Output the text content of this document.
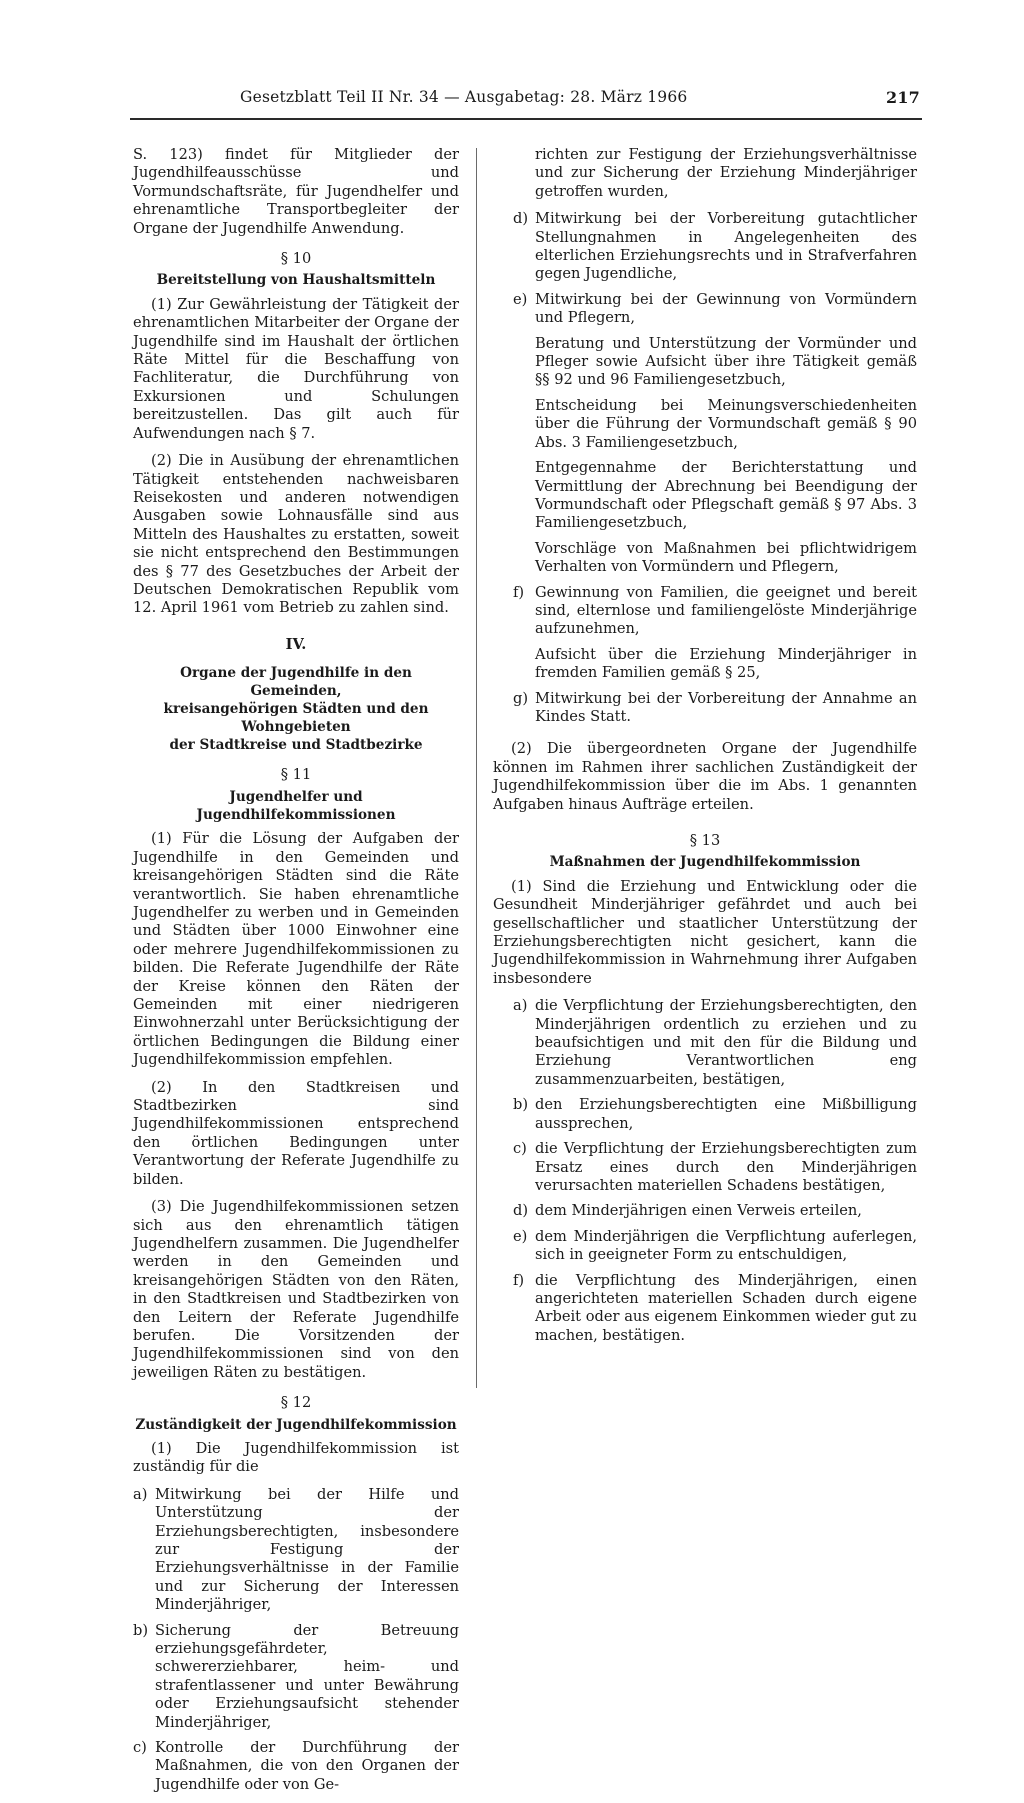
Gesetzblatt Teil II Nr. 34 — Ausgabetag: 28. März 1966	217

S. 123) findet für Mitglieder der Jugendhilfeausschüsse und Vormundschaftsräte, für Jugendhelfer und ehrenamtliche Transportbegleiter der Organe der Jugendhilfe Anwendung.

§ 10
Bereitstellung von Haushaltsmitteln

(1) Zur Gewährleistung der Tätigkeit der ehrenamtlichen Mitarbeiter der Organe der Jugendhilfe sind im Haushalt der örtlichen Räte Mittel für die Beschaffung von Fachliteratur, die Durchführung von Exkursionen und Schulungen bereitzustellen. Das gilt auch für Aufwendungen nach § 7.

(2) Die in Ausübung der ehrenamtlichen Tätigkeit entstehenden nachweisbaren Reisekosten und anderen notwendigen Ausgaben sowie Lohnausfälle sind aus Mitteln des Haushaltes zu erstatten, soweit sie nicht entsprechend den Bestimmungen des § 77 des Gesetzbuches der Arbeit der Deutschen Demokratischen Republik vom 12. April 1961 vom Betrieb zu zahlen sind.

IV.
Organe der Jugendhilfe in den Gemeinden,
kreisangehörigen Städten und den Wohngebieten
der Stadtkreise und Stadtbezirke
§ 11
Jugendhelfer und Jugendhilfekommissionen

(1) Für die Lösung der Aufgaben der Jugendhilfe in den Gemeinden und kreisangehörigen Städten sind die Räte verantwortlich. Sie haben ehrenamtliche Jugendhelfer zu werben und in Gemeinden und Städten über 1000 Einwohner eine oder mehrere Jugendhilfekommissionen zu bilden. Die Referate Jugendhilfe der Räte der Kreise können den Räten der Gemeinden mit einer niedrigeren Einwohnerzahl unter Berücksichtigung der örtlichen Bedingungen die Bildung einer Jugendhilfekommission empfehlen.

(2) In den Stadtkreisen und Stadtbezirken sind Jugendhilfekommissionen entsprechend den örtlichen Bedingungen unter Verantwortung der Referate Jugendhilfe zu bilden.

(3) Die Jugendhilfekommissionen setzen sich aus den ehrenamtlich tätigen Jugendhelfern zusammen. Die Jugendhelfer werden in den Gemeinden und kreisangehörigen Städten von den Räten, in den Stadtkreisen und Stadtbezirken von den Leitern der Referate Jugendhilfe berufen. Die Vorsitzenden der Jugendhilfekommissionen sind von den jeweiligen Räten zu bestätigen.

§ 12
Zuständigkeit der Jugendhilfekommission

(1) Die Jugendhilfekommission ist zuständig für die

a) Mitwirkung bei der Hilfe und Unterstützung der Erziehungsberechtigten, insbesondere zur Festigung der Erziehungsverhältnisse in der Familie und zur Sicherung der Interessen Minderjähriger,
b) Sicherung der Betreuung erziehungsgefährdeter, schwererziehbarer, heim- und strafentlassener und unter Bewährung oder Erziehungsaufsicht stehender Minderjähriger,
c) Kontrolle der Durchführung der Maßnahmen, die von den Organen der Jugendhilfe oder von Ge-

richten zur Festigung der Erziehungsverhältnisse und zur Sicherung der Erziehung Minderjähriger getroffen wurden,

d) Mitwirkung bei der Vorbereitung gutachtlicher Stellungnahmen in Angelegenheiten des elterlichen Erziehungsrechts und in Strafverfahren gegen Jugendliche,
e) Mitwirkung bei der Gewinnung von Vormündern und Pflegern,

Beratung und Unterstützung der Vormünder und Pfleger sowie Aufsicht über ihre Tätigkeit gemäß §§ 92 und 96 Familiengesetzbuch,

Entscheidung bei Meinungsverschiedenheiten über die Führung der Vormundschaft gemäß § 90 Abs. 3 Familiengesetzbuch,

Entgegennahme der Berichterstattung und Vermittlung der Abrechnung bei Beendigung der Vormundschaft oder Pflegschaft gemäß § 97 Abs. 3 Familiengesetzbuch,

Vorschläge von Maßnahmen bei pflichtwidrigem Verhalten von Vormündern und Pflegern,

f) Gewinnung von Familien, die geeignet und bereit sind, elternlose und familiengelöste Minderjährige aufzunehmen,

Aufsicht über die Erziehung Minderjähriger in fremden Familien gemäß § 25,

g) Mitwirkung bei der Vorbereitung der Annahme an Kindes Statt.

(2) Die übergeordneten Organe der Jugendhilfe können im Rahmen ihrer sachlichen Zuständigkeit der Jugendhilfekommission über die im Abs. 1 genannten Aufgaben hinaus Aufträge erteilen.

§ 13
Maßnahmen der Jugendhilfekommission

(1) Sind die Erziehung und Entwicklung oder die Gesundheit Minderjähriger gefährdet und auch bei gesellschaftlicher und staatlicher Unterstützung der Erziehungsberechtigten nicht gesichert, kann die Jugendhilfekommission in Wahrnehmung ihrer Aufgaben insbesondere

a) die Verpflichtung der Erziehungsberechtigten, den Minderjährigen ordentlich zu erziehen und zu beaufsichtigen und mit den für die Bildung und Erziehung Verantwortlichen eng zusammenzuarbeiten, bestätigen,
b) den Erziehungsberechtigten eine Mißbilligung aussprechen,
c) die Verpflichtung der Erziehungsberechtigten zum Ersatz eines durch den Minderjährigen verursachten materiellen Schadens bestätigen,
d) dem Minderjährigen einen Verweis erteilen,
e) dem Minderjährigen die Verpflichtung auferlegen, sich in geeigneter Form zu entschuldigen,
f) die Verpflichtung des Minderjährigen, einen angerichteten materiellen Schaden durch eigene Arbeit oder aus eigenem Einkommen wieder gut zu machen, bestätigen.
